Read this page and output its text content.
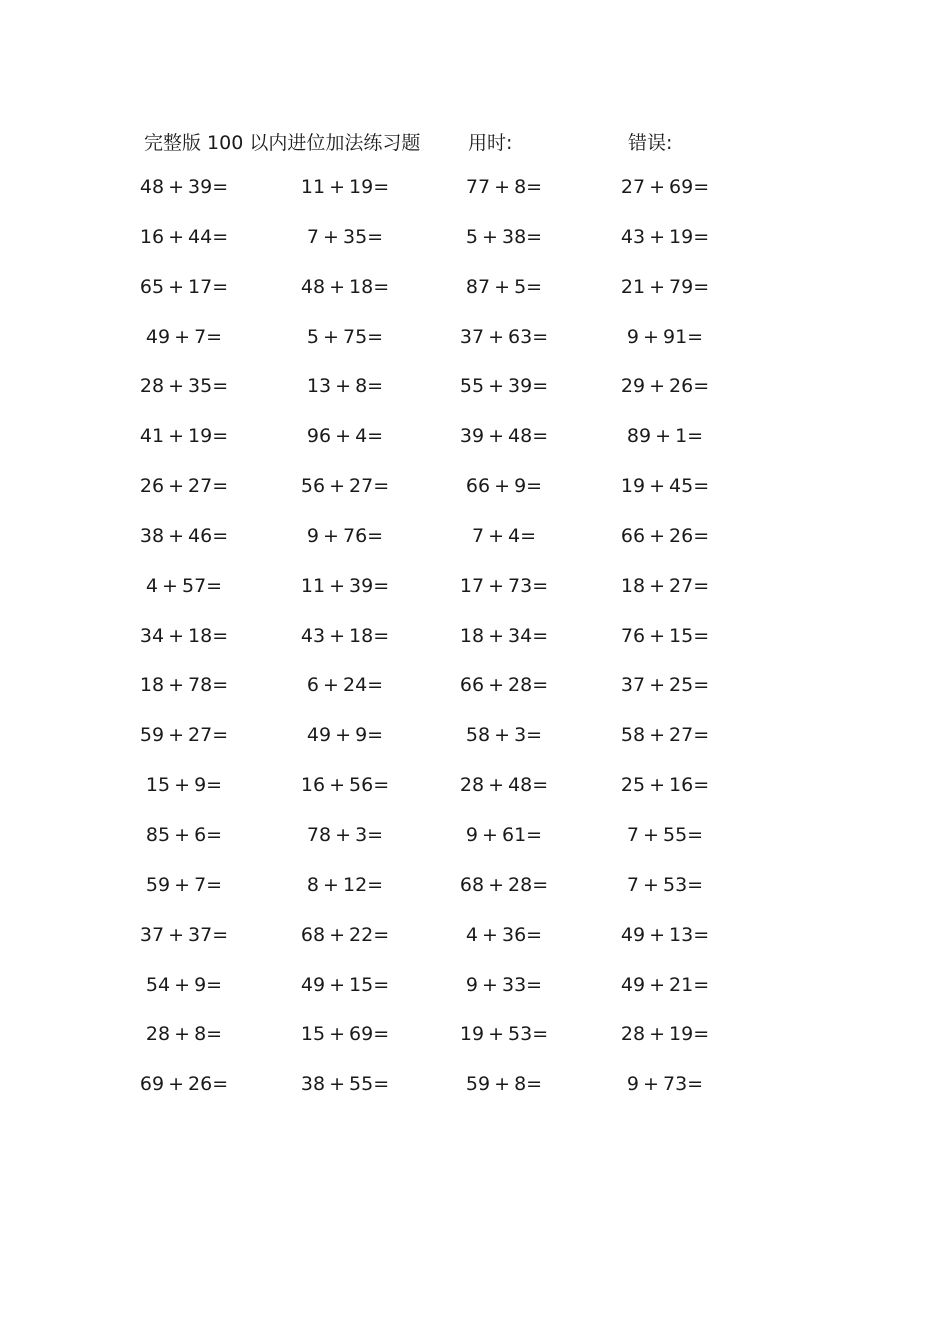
完整版 100 以内进位加法练习题	用时:	错误:
48 + 39=	11 + 19=	77 + 8=	27 + 69=
16 + 44=	7 + 35=	5 + 38=	43 + 19=
65 + 17=	48 + 18=	87 + 5=	21 + 79=
49 + 7=	5 + 75=	37 + 63=	9 + 91=
28 + 35=	13 + 8=	55 + 39=	29 + 26=
41 + 19=	96 + 4=	39 + 48=	89 + 1=
26 + 27=	56 + 27=	66 + 9=	19 + 45=
38 + 46=	9 + 76=	7 + 4=	66 + 26=
4 + 57=	11 + 39=	17 + 73=	18 + 27=
34 + 18=	43 + 18=	18 + 34=	76 + 15=
18 + 78=	6 + 24=	66 + 28=	37 + 25=
59 + 27=	49 + 9=	58 + 3=	58 + 27=
15 + 9=	16 + 56=	28 + 48=	25 + 16=
85 + 6=	78 + 3=	9 + 61=	7 + 55=
59 + 7=	8 + 12=	68 + 28=	7 + 53=
37 + 37=	68 + 22=	4 + 36=	49 + 13=
54 + 9=	49 + 15=	9 + 33=	49 + 21=
28 + 8=	15 + 69=	19 + 53=	28 + 19=
69 + 26=	38 + 55=	59 + 8=	9 + 73=
